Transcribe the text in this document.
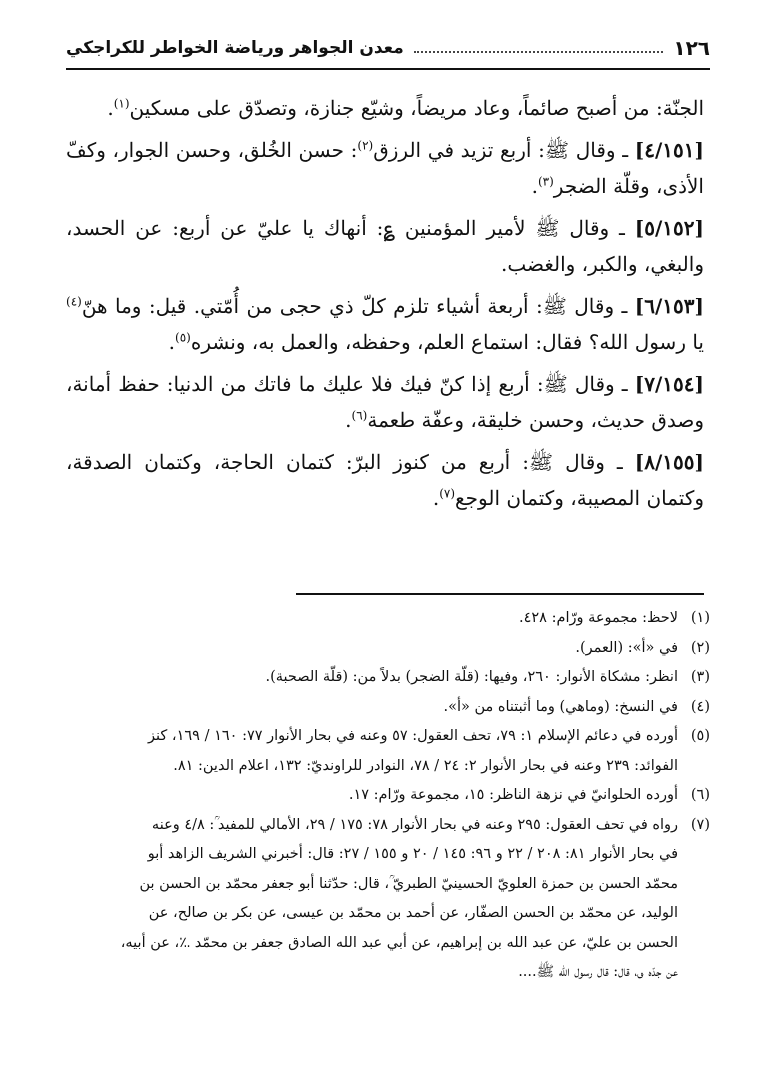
١٢٦
معدن الجواهر ورياضة الخواطر للكراجكي

الجنّة: من أصبح صائماً، وعاد مريضاً، وشيّع جنازة، وتصدّق على مسكين$^{(١)}$.

[٤/١٥١] ـ وقال ﷺ: أربع تزيد في الرزق$^{(٢)}$: حسن الخُلق، وحسن الجوار، وكفّ الأذى، وقلّة الضجر$^{(٣)}$.

[٥/١٥٢] ـ وقال ﷺ لأمير المؤمنين ؏: أنهاك يا عليّ عن أربع: عن الحسد، والبغي، والكبر، والغضب.

[٦/١٥٣] ـ وقال ﷺ: أربعة أشياء تلزم كلّ ذي حجى من أُمّتي. قيل: وما هنّ$^{(٤)}$ يا رسول الله؟ فقال: استماع العلم، وحفظه، والعمل به، ونشره$^{(٥)}$.

[٧/١٥٤] ـ وقال ﷺ: أربع إذا كنّ فيك فلا عليك ما فاتك من الدنيا: حفظ أمانة، وصدق حديث، وحسن خليقة، وعفّة طعمة$^{(٦)}$.

[٨/١٥٥] ـ وقال ﷺ: أربع من كنوز البرّ: كتمان الحاجة، وكتمان الصدقة، وكتمان المصيبة، وكتمان الوجع$^{(٧)}$.

(١)
لاحظ: مجموعة ورّام: ٤٢٨.
(٢)
في «أ»: (العمر).
(٣)
انظر: مشكاة الأنوار: ٢٦٠، وفيها: (قلّة الضجر) بدلاً من: (قلّة الصحبة).
(٤)
في النسخ: (وماهي) وما أثبتناه من «أ».
(٥)
أورده في دعائم الإسلام ١: ٧٩، تحف العقول: ٥٧ وعنه في بحار الأنوار ٧٧: ١٦٠ / ١٦٩، كنز
الفوائد: ٢٣٩ وعنه في بحار الأنوار ٢: ٢٤ / ٧٨، النوادر للراونديّ: ١٣٢، اعلام الدين: ٨١.
(٦)
أورده الحلوانيّ في نزهة الناظر: ١٥، مجموعة ورّام: ١٧.
(٧)
رواه في تحف العقول: ٢٩٥ وعنه في بحار الأنوار ٧٨: ١٧٥ / ٢٩، الأمالي للمفيد ؒ: ٤/٨ وعنه
في بحار الأنوار ٨١: ٢٠٨ / ٢٢ و ٩٦: ١٤٥ / ٢٠ و ١٥٥ / ٢٧: قال: أخبرني الشريف الزاهد أبو
محمّد الحسن بن حمزة العلويّ الحسينيّ الطبريّ ؒ، قال: حدّثنا أبو جعفر محمّد بن الحسن بن
الوليد، عن محمّد بن الحسن الصفّار، عن أحمد بن محمّد بن عيسى، عن بكر بن صالح، عن
الحسن بن عليّ، عن عبد الله بن إبراهيم، عن أبي عبد الله الصادق جعفر بن محمّد ؉، عن أبيه،
عن جدّه ؈، قال: قال رسول الله ﷺ....
